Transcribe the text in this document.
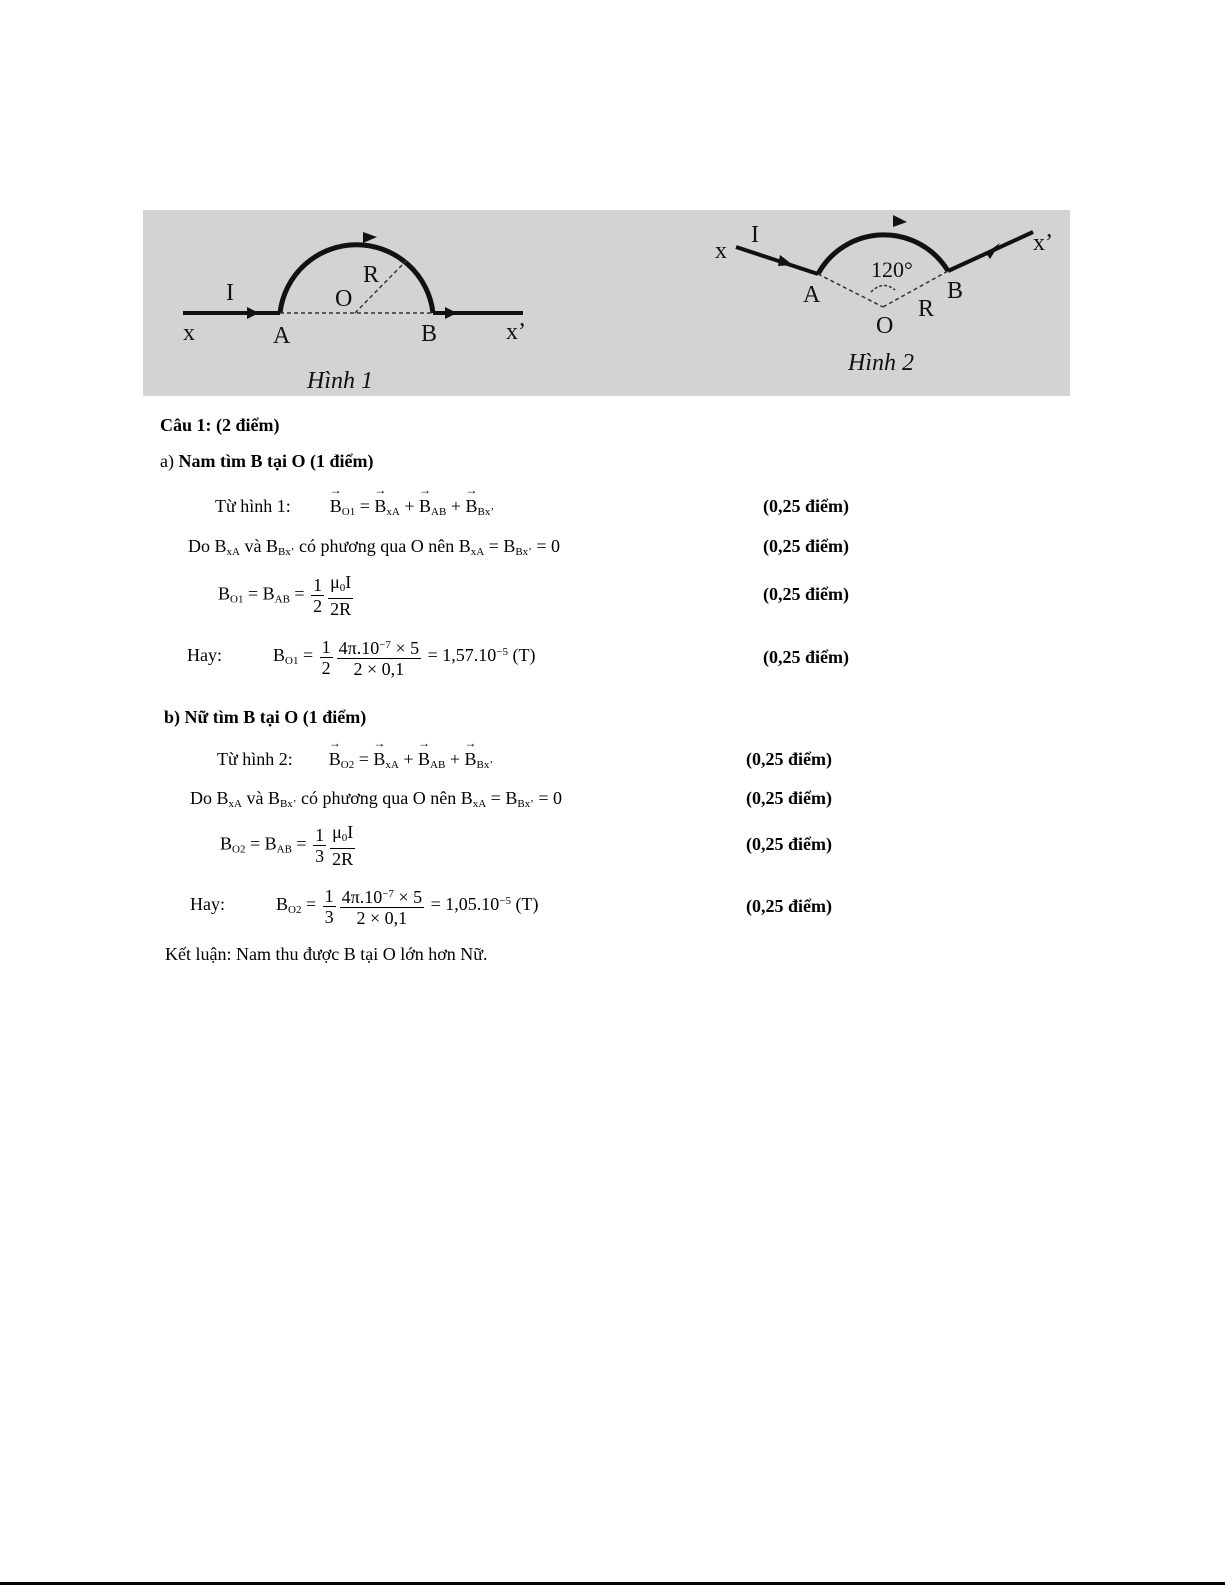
x
I
A
O
R
B	x’
Hình 1
x
I
A
120°
O
R
B
x’
Hình 2
Câu 1: (2 điểm)
a) Nam tìm B tại O (1 điểm)
Từ hình 1: → $B_{O1}$ = → $B_{xA}$ + → $B_{AB}$ + → $B_{Bx’}$	(0,25 điểm)
Do $B_{xA}$ và $B_{Bx’}$ có phương qua O nên $B_{xA} = B_{Bx’} = 0$	(0,25 điểm)
$B_{O1} = B_{AB} = \frac{1}{2} \frac{\mu_0I}{2R}$	(0,25 điểm)
Hay:	$B_{O1} = \frac{1}{2} \frac{4\pi.10^{-7} \times 5}{2 \times 0,1} = 1,57.10^{-5}$ (T)	(0,25 điểm)
b) Nữ tìm B tại O (1 điểm)
Từ hình 2: → $B_{O2}$ = → $B_{xA}$ + → $B_{AB}$ + → $B_{Bx’}$	(0,25 điểm)
Do $B_{xA}$ và $B_{Bx’}$ có phương qua O nên $B_{xA} = B_{Bx’} = 0$	(0,25 điểm)
$B_{O2} = B_{AB} = \frac{1}{3} \frac{\mu_0I}{2R}$	(0,25 điểm)
Hay:	$B_{O2} = \frac{1}{3} \frac{4\pi.10^{-7} \times 5}{2 \times 0,1} = 1,05.10^{-5}$ (T)	(0,25 điểm)
Kết luận: Nam thu được B tại O lớn hơn Nữ.
